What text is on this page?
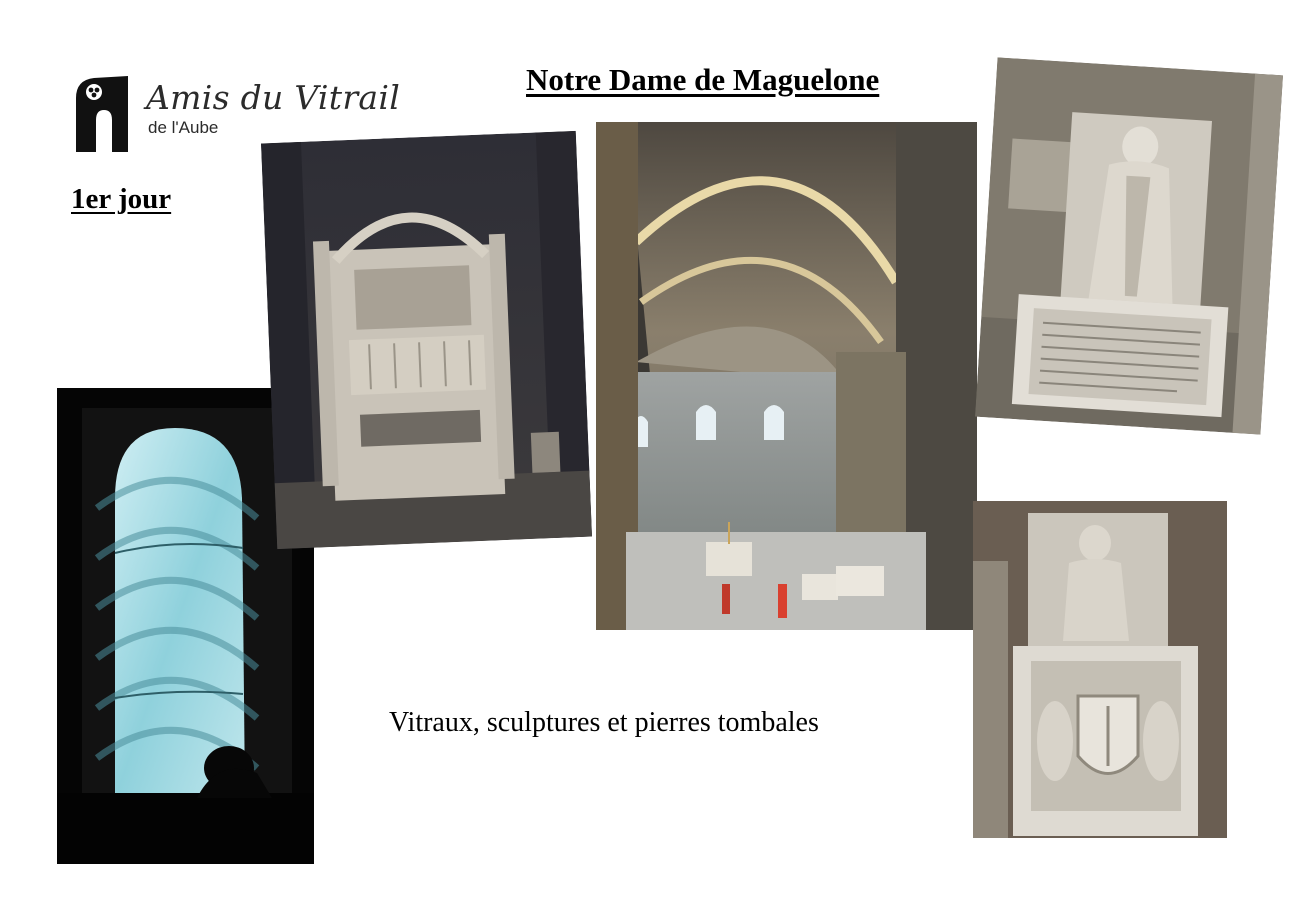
Amis du Vitrail
de l'Aube
Notre Dame de Maguelone
1er jour
Vitraux, sculptures et pierres tombales
